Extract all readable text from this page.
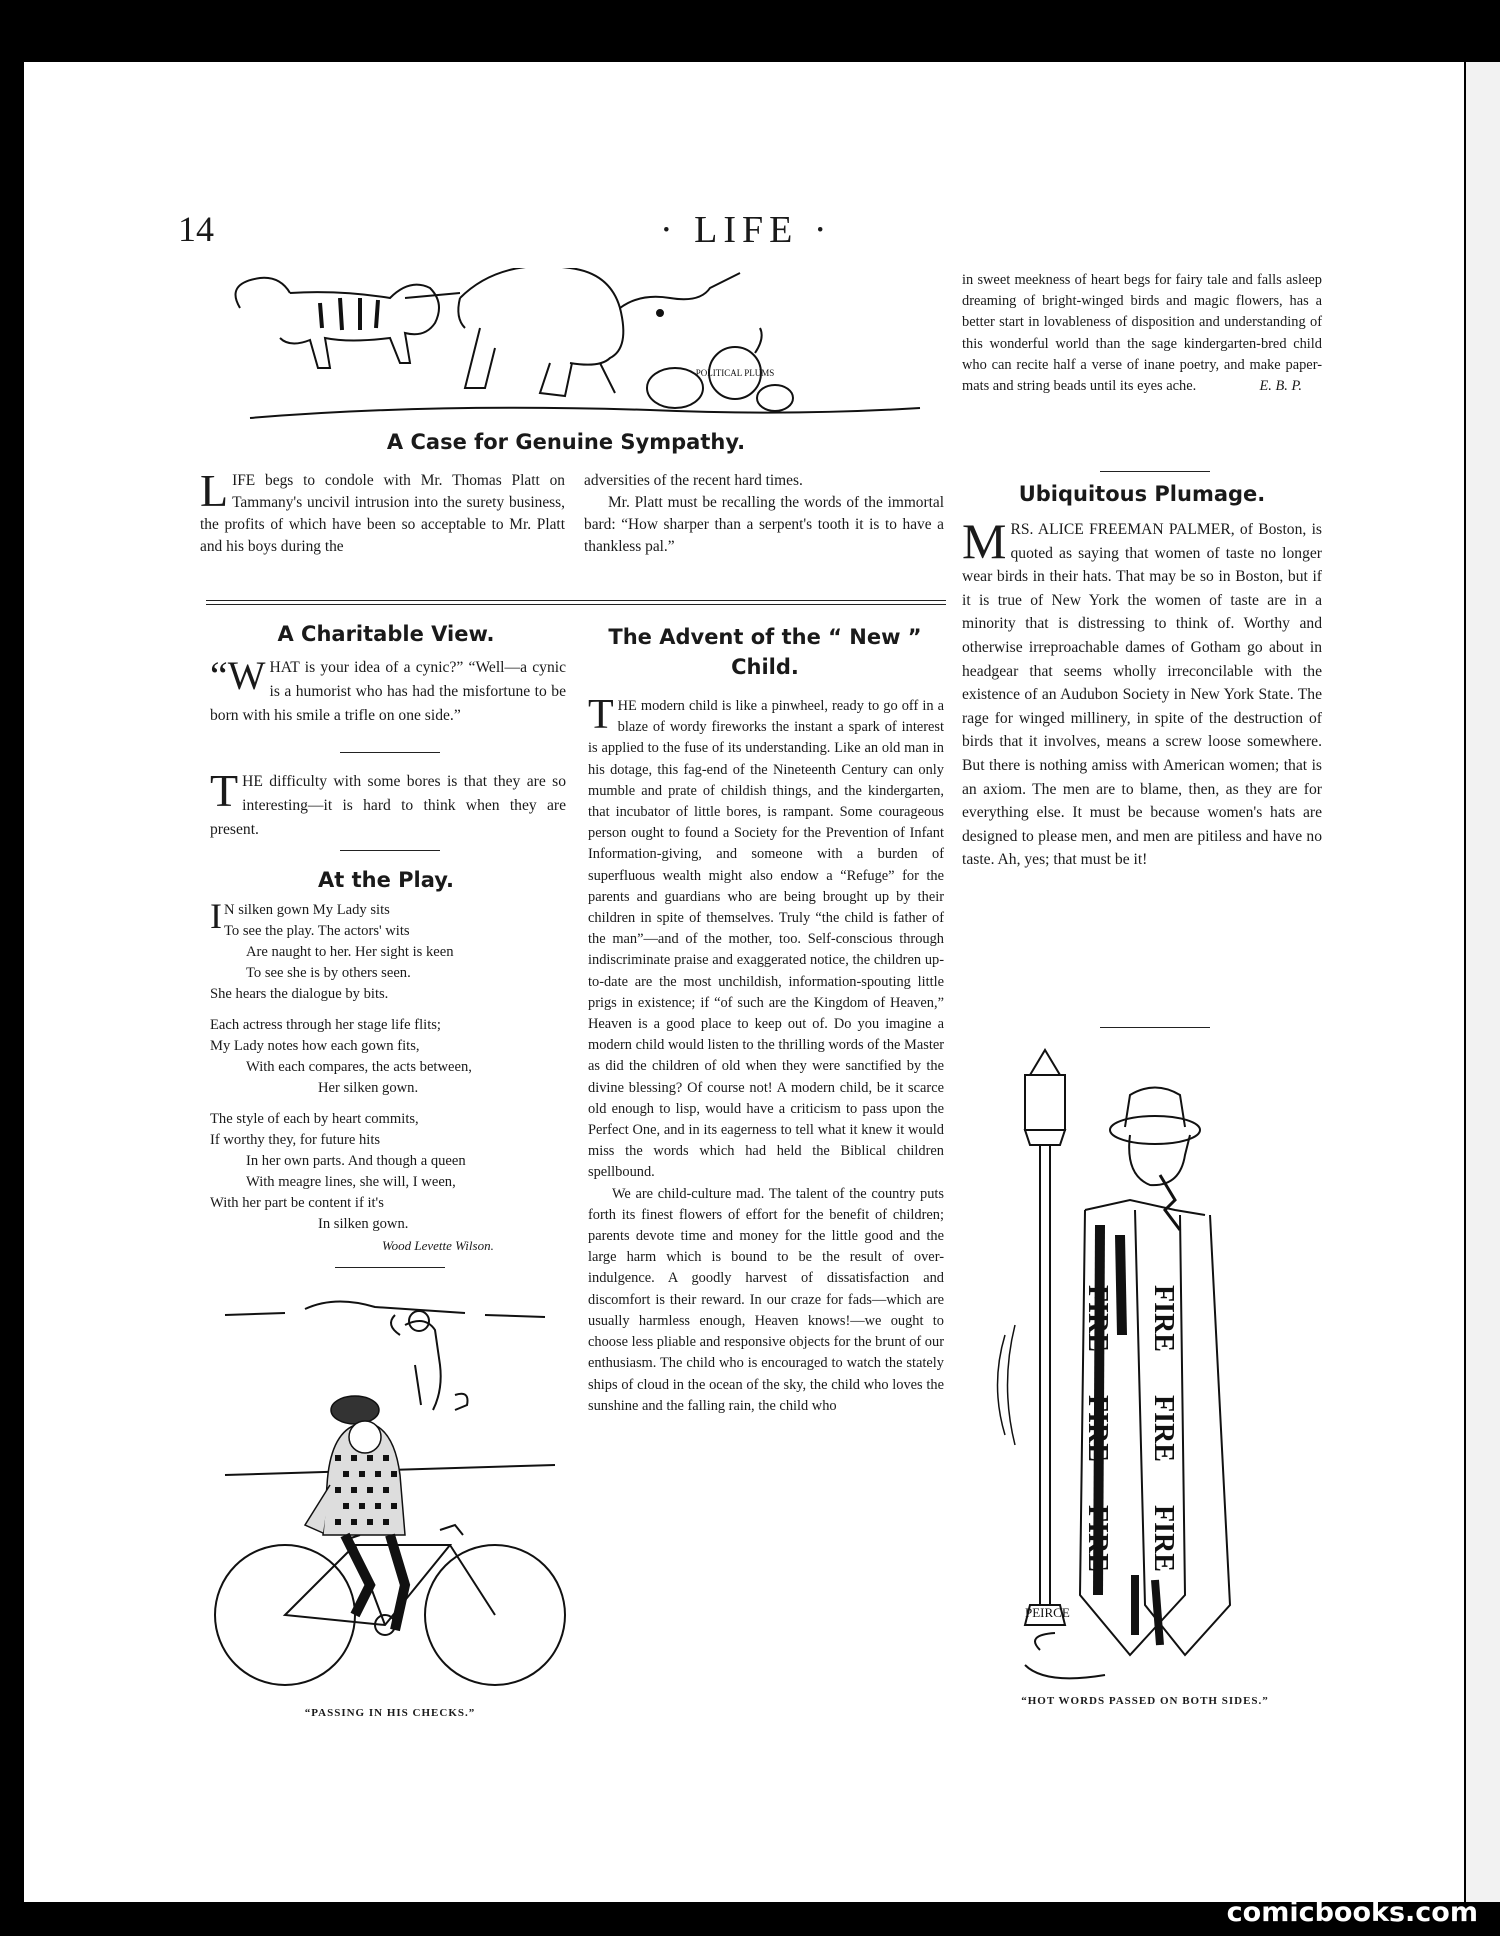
14	· LIFE ·
POLITICAL PLUMS
A Case for Genuine Sympathy.
L IFE begs to condole with Mr. Thomas Platt on Tammany's uncivil intrusion into the surety business, the profits of which have been so acceptable to Mr. Platt and his boys during the

adversities of the recent hard times.

Mr. Platt must be recalling the words of the immortal bard: “How sharper than a serpent's tooth it is to have a thankless pal.”

in sweet meekness of heart begs for fairy tale and falls asleep dreaming of bright-winged birds and magic flowers, has a better start in lovableness of disposition and understanding of this wonderful world than the sage kindergarten-bred child who can recite half a verse of inane poetry, and make paper-mats and string beads until its eyes ache.	E. B. P.

Ubiquitous Plumage.
M RS. ALICE FREEMAN PALMER, of Boston, is quoted as saying that women of taste no longer wear birds in their hats. That may be so in Boston, but if it is true of New York the women of taste are in a minority that is distressing to think of. Worthy and otherwise irreproachable dames of Gotham go about in headgear that seems wholly irreconcilable with the existence of an Audubon Society in New York State. The rage for winged millinery, in spite of the destruction of birds that it involves, means a screw loose somewhere. But there is nothing amiss with American women; that is an axiom. The men are to blame, then, as they are for everything else. It must be because women's hats are designed to please men, and men are pitiless and have no taste. Ah, yes; that must be it!
A Charitable View.
“W HAT is your idea of a cynic?” “Well—a cynic is a humorist who has had the misfortune to be born with his smile a trifle on one side.”
T HE difficulty with some bores is that they are so interesting—it is hard to think when they are present.
At the Play.
I N silken gown My Lady sits
To see the play. The actors' wits
Are naught to her. Her sight is keen
To see she is by others seen.
She hears the dialogue by bits.
Each actress through her stage life flits;
My Lady notes how each gown fits,
With each compares, the acts between,
Her silken gown.
The style of each by heart commits,
If worthy they, for future hits
In her own parts. And though a queen
With meagre lines, she will, I ween,
With her part be content if it's
In silken gown.
Wood Levette Wilson.
“PASSING IN HIS CHECKS.”
The Advent of the “ New ”
Child.

THE modern child is like a pinwheel, ready to go off in a blaze of wordy fireworks the instant a spark of interest is applied to the fuse of its understanding. Like an old man in his dotage, this fag-end of the Nineteenth Century can only mumble and prate of childish things, and the kindergarten, that incubator of little bores, is rampant. Some courageous person ought to found a Society for the Prevention of Infant Information-giving, and someone with a burden of superfluous wealth might also endow a “Refuge” for the parents and guardians who are being brought up by their children in spite of themselves. Truly “the child is father of the man”—and of the mother, too. Self-conscious through indiscriminate praise and exaggerated notice, the children up-to-date are the most unchildish, information-spouting little prigs in existence; if “of such are the Kingdom of Heaven,” Heaven is a good place to keep out of. Do you imagine a modern child would listen to the thrilling words of the Master as did the children of old when they were sanctified by the divine blessing? Of course not! A modern child, be it scarce old enough to lisp, would have a criticism to pass upon the Perfect One, and in its eagerness to tell what it knew it would miss the words which had held the Biblical children spellbound.

We are child-culture mad. The talent of the country puts forth its finest flowers of effort for the benefit of children; parents devote time and money for the little good and the large harm which is bound to be the result of over-indulgence. A goodly harvest of dissatisfaction and discomfort is their reward. In our craze for fads—which are usually harmless enough, Heaven knows!—we ought to choose less pliable and responsive objects for the brunt of our enthusiasm. The child who is encouraged to watch the stately ships of cloud in the ocean of the sky, the child who loves the sunshine and the falling rain, the child who

FIRE
FIRE
FIRE
FIRE
FIRE
FIRE
PEIRCE
“HOT WORDS PASSED ON BOTH SIDES.”
comicbooks.com
